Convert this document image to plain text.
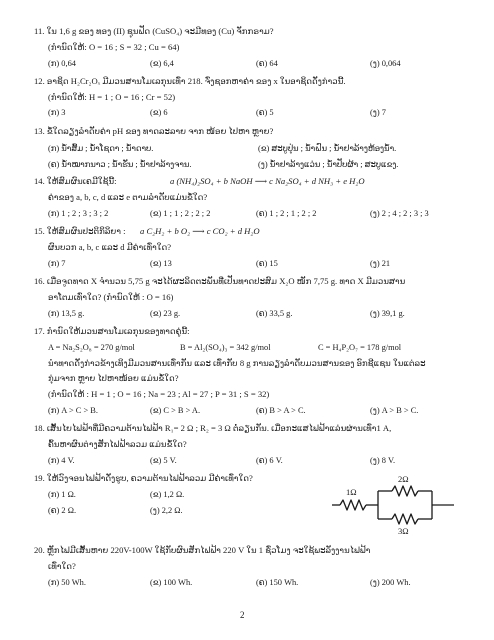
11. ໃນ 1,6 g ຂອງ ທອງ (II) ຊຸນຟັດ (CuSO₄) ຈະມີທອງ (Cu) ຈັກກຣາມ?
(ກຳນົດໃຫ້: O = 16 ; S = 32 ; Cu = 64)
(ກ) 0,64	(ຂ) 6,4	(ຄ) 64	(ງ) 0,064
12. ອາຊິດ H₂Cr₂Oₓ ມີມວນສານໂມເລກຸນເທົ່າ 218. ຈົ່ງຊອກຫາຄ່າ ຂອງ x ໃນອາຊິດດັ່ງກ່າວນີ້.
(ກຳນົດໃຫ້: H = 1 ; O = 16 ; Cr = 52)
(ກ) 3	(ຂ) 6	(ຄ) 5	(ງ) 7
13. ຂໍ້ໃດລຽງລຳດັບຄ່າ pH ຂອງ ທາດລະລາຍ ຈາກ ໜ້ອຍ ໄປຫາ ຫຼາຍ?
(ກ) ນ້ຳສົ້ມ ; ນ້ຳໂຊດາ ; ນ້ຳດາບ.	(ຂ) ສະບູປຸ່ນ ; ນ້ຳຝົນ ; ນ້ຳຢາລ້າງຫ້ອງນ້ຳ.
(ຄ) ນ້ຳໝາກນາວ ; ນ້ຳຮັ່ນ ; ນ້ຳຢາລ້າງຈານ.	(ງ) ນ້ຳຢາລ້າງແວ່ນ ; ນ້ຳປັບຜ້າ ; ສະບູແຂງ.
14. ໃຫ້ສົມຜົນເຄມີໃຊ້ນີ້:	a (NH₄)₂SO₄ + b NaOH ⟶ c Na₂SO₄ + d NH₃ + e H₂O
ຄ່າຂອງ a, b, c, d ແລະ e ຕາມລຳດັບແມ່ນຂໍ້ໃດ?
(ກ) 1 ; 2 ; 3 ; 3 ; 2	(ຂ) 1 ; 1 ; 2 ; 2 ; 2	(ຄ) 1 ; 2 ; 1 ; 2 ; 2	(ງ) 2 ; 4 ; 2 ; 3 ; 3
15. ໃຫ້ສົມຜົນປະຕິກິລິຍາ : a C₂H₂ + b O₂ ⟶ c CO₂ + d H₂O
ຜົນບວກ a, b, c ແລະ d ມີຄ່າເທົ່າໃດ?
(ກ) 7	(ຂ) 13	(ຄ) 15	(ງ) 21
16. ເມື່ອຈູດທາດ X ຈຳນວນ 5,75 g ຈະໄດ້ຜະລິດຕະພັນທີ່ເປັນທາດປະສົມ X₂O ໜັກ 7,75 g. ທາດ X ມີມວນສານ
ອາໂຕມເທົ່າໃດ? (ກຳນົດໃຫ້ : O = 16)
(ກ) 13,5 g.	(ຂ) 23 g.	(ຄ) 33,5 g.	(ງ) 39,1 g.
17. ກຳນົດໃຫ້ມວນສານໂມເລກຸນຂອງທາດຄູ່ນີ້:
A = Na₂S₂O₈ = 270 g/mol	B = Al₂(SO₄)₃ = 342 g/mol	C = H₄P₂O₇ = 178 g/mol
ນຳທາດດັ່ງກ່າວຂ້າງເທິງມີມວນສານເທົ່າກັນ ແລະ ເທົ່າກັບ 8 g ການລຽງລຳດັບມວນສານຂອງ ອົກຊີແຊນ ໃນແຕ່ລະ
ກຸ່ມຈາກ ຫຼາຍ ໄປຫາໜ້ອຍ ແມ່ນຂໍ້ໃດ?
(ກຳນົດໃຫ້ : H = 1 ; O = 16 ; Na = 23 ; Al = 27 ; P = 31 ; S = 32)
(ກ) A > C > B.	(ຂ) C > B > A.	(ຄ) B > A > C.	(ງ) A > B > C.
18. ເສັ້ນໄຍໄຟຟ້າທີ່ມີຄວາມຕ້ານໄຟຟ້າ R₁= 2 Ω ; R₂ = 3 Ω ຕໍ່ລຽນກັນ. ເມື່ອກະແສໄຟຟ້າແລ່ນຜ່ານເທົ່າ1 A,
ຄົ້ນຫາຜົນຕ່າງສັກໄຟຟ້າລວມ ແມ່ນຂໍ້ໃດ?
(ກ) 4 V.	(ຂ) 5 V.	(ຄ) 6 V.	(ງ) 8 V.
19. ໃຫ້ວົງຈອນໄຟຟ້າດັ່ງຮູບ, ຄວາມຕ້ານໄຟຟ້າລວມ ມີຄ່າເທົ່າໃດ?
(ກ) 1 Ω.	(ຂ) 1,2 Ω.
(ຄ) 2 Ω.	(ງ) 2,2 Ω.
1Ω
2Ω
3Ω
20. ຫຼັກໄຟມີເສັ້ນຫາຍ 220V-100W ໃຊ້ກັບຜົນສັກໄຟຟ້າ 220 V ໃນ 1 ຊົ່ວໂມງ ຈະໃຊ້ພະລັງງານໄຟຟ້າ
ເທົ່າໃດ?
(ກ) 50 Wh.	(ຂ) 100 Wh.	(ຄ) 150 Wh.	(ງ) 200 Wh.
2
